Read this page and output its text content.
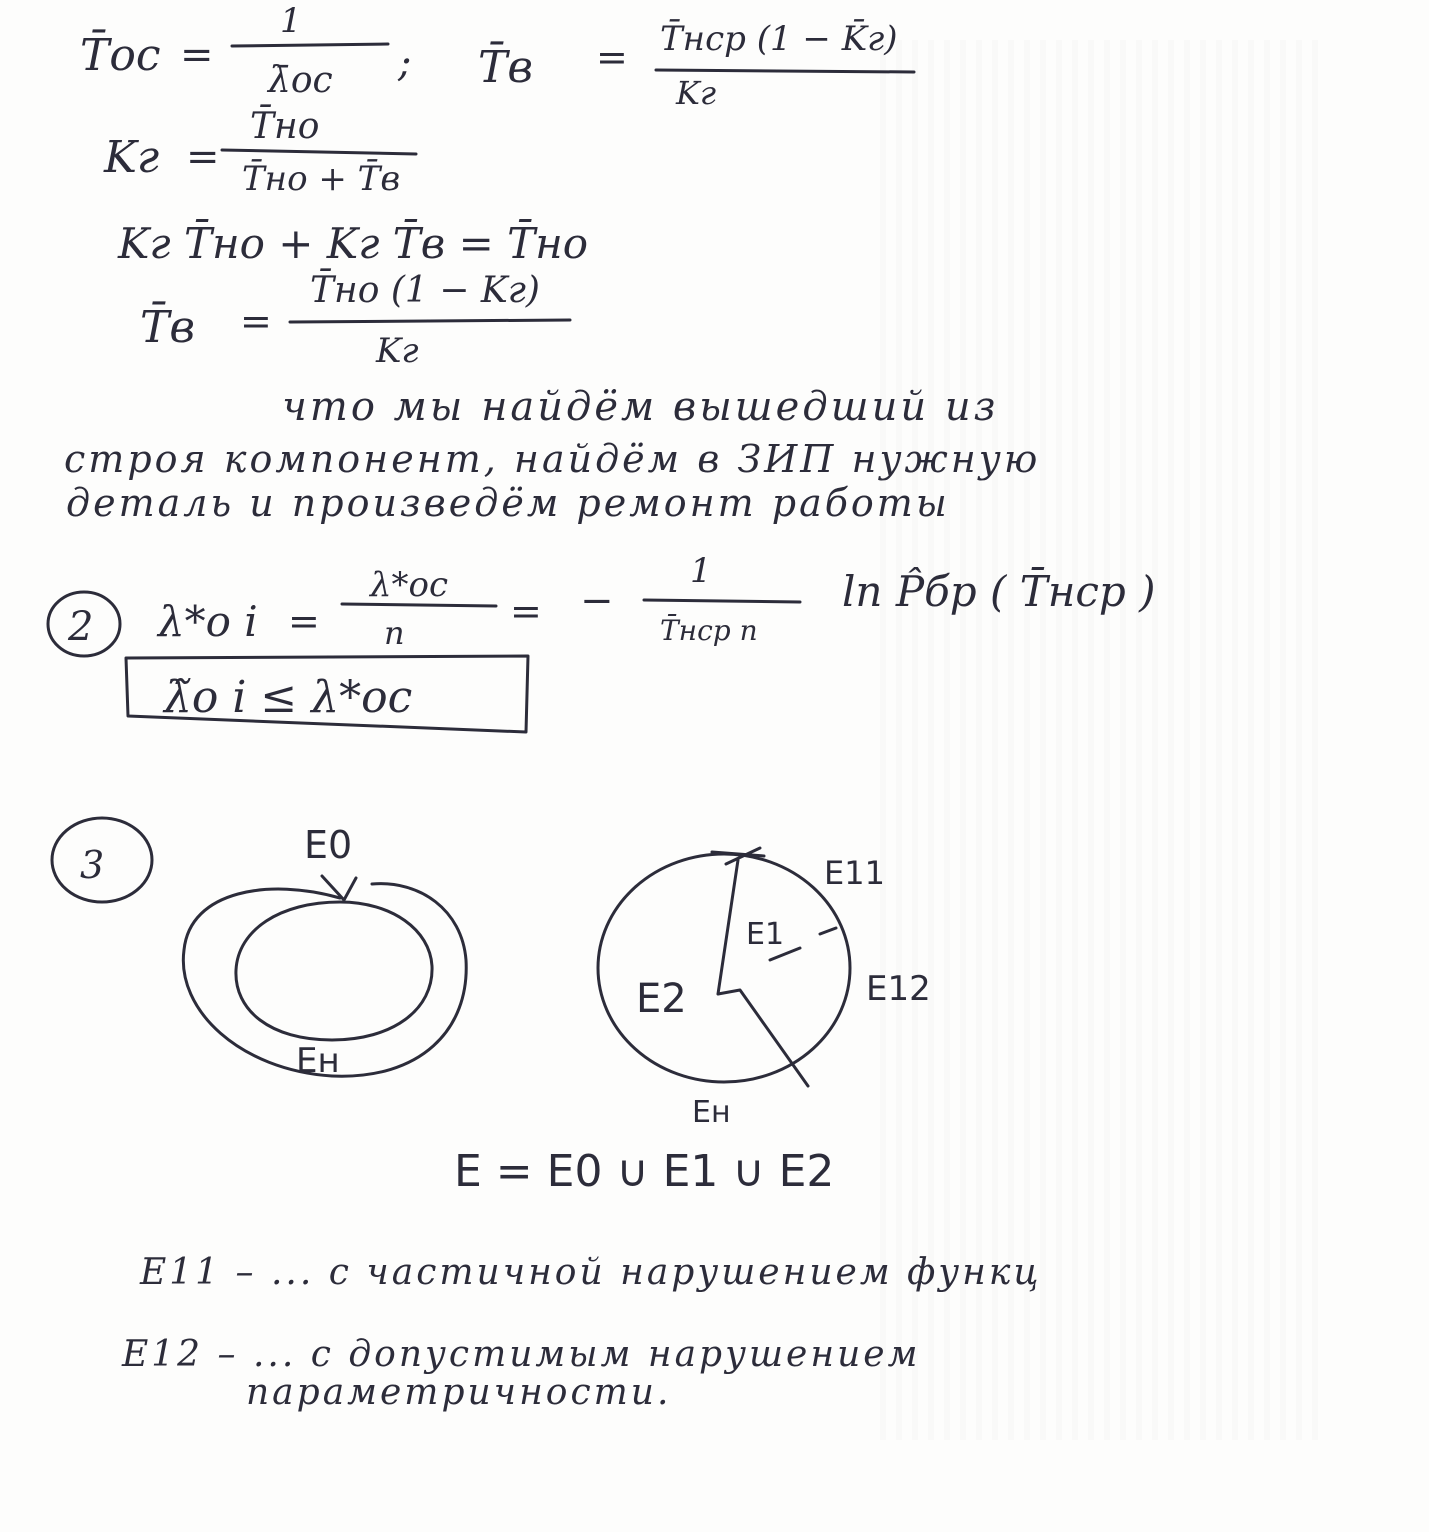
T̄oc =
1
λ̄oc ; T̄в = T̄нср (1 − K̄г)
Kг
Kг =
T̄но
T̄но + T̄в
Kг T̄но + Kг T̄в = T̄но
T̄в =
T̄но (1 − Kг)
Kг
что мы найдём вышедший из
строя компонент, найдём в ЗИП нужную
деталь и произведём ремонт работы
2 λ*o i =
λ*oc
n	= −
1
T̄нср n
ln P̂бр ( T̄нср )
λ̃o i ≤ λ*oc
3	E0
Eн
E11
E1
E12
E2
Eн
E = E0 ∪ E1 ∪ E2
E11 – ... с частичной нарушением функц
E12 – ... с допустимым нарушением
параметричности.
